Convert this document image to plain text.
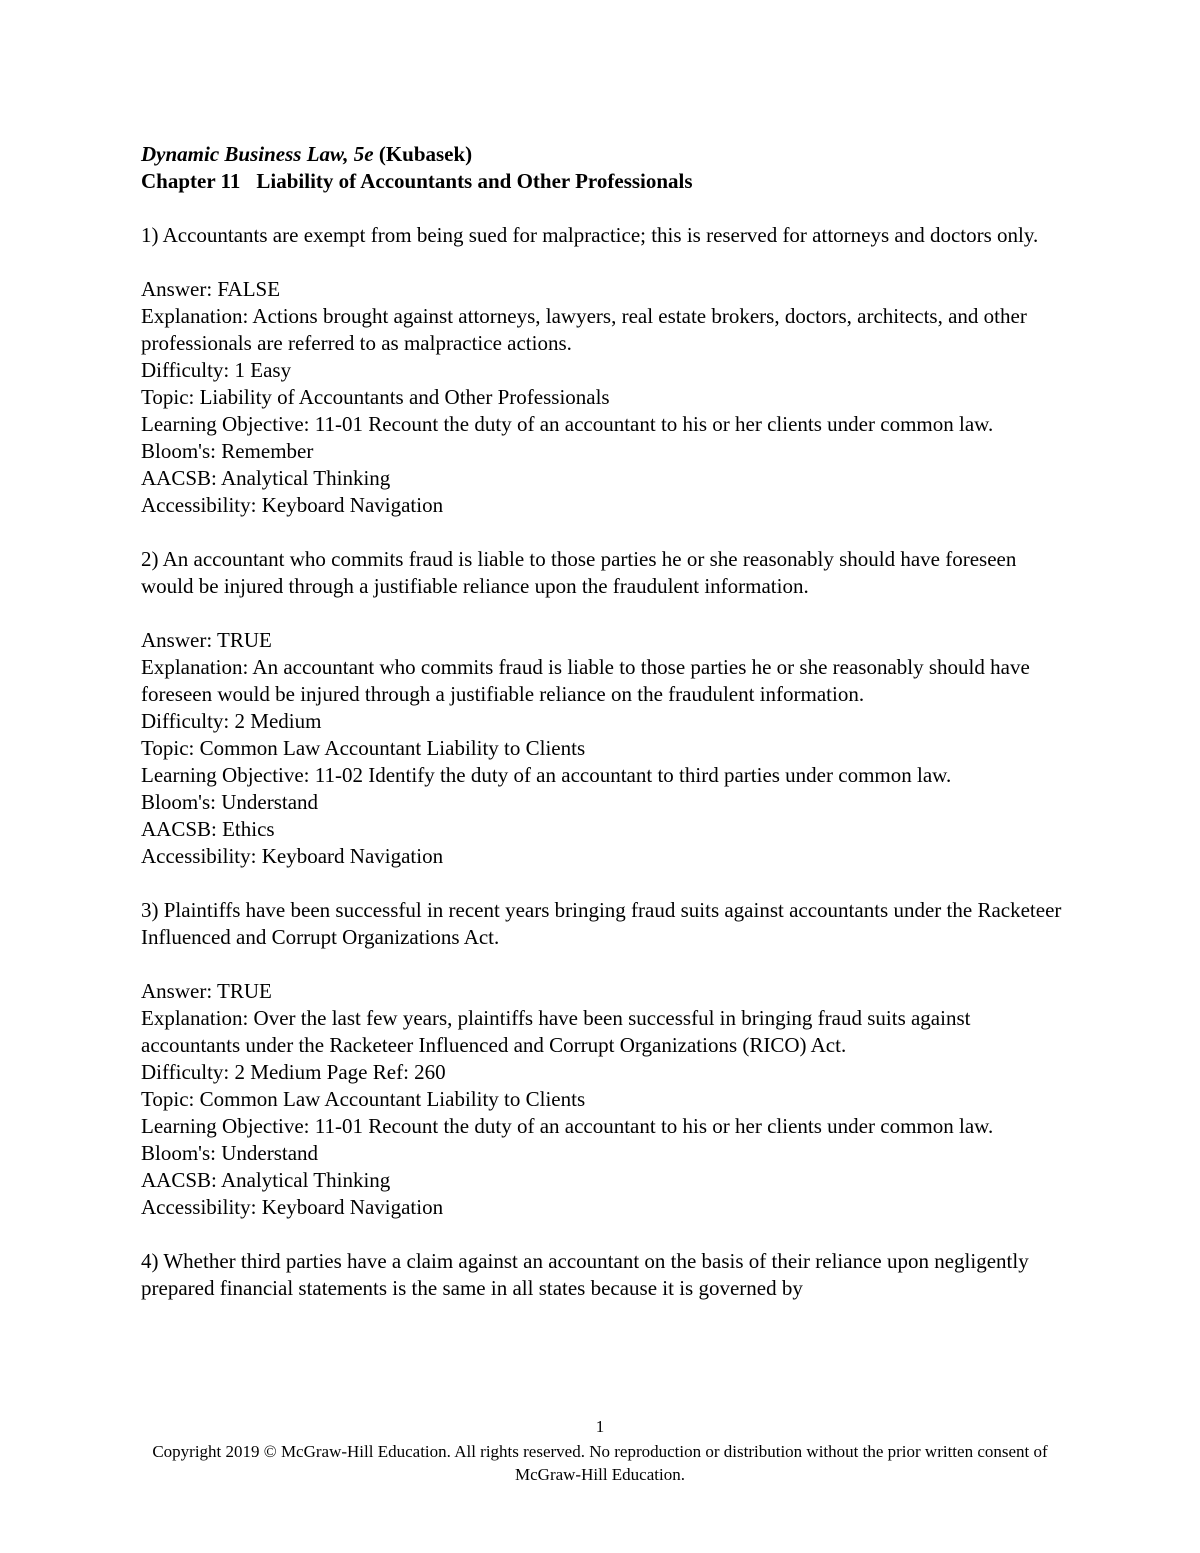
Dynamic Business Law, 5e (Kubasek)

Chapter 11 Liability of Accountants and Other Professionals

1) Accountants are exempt from being sued for malpractice; this is reserved for attorneys and doctors only.

Answer: FALSE

Explanation: Actions brought against attorneys, lawyers, real estate brokers, doctors, architects, and other professionals are referred to as malpractice actions.

Difficulty: 1 Easy

Topic: Liability of Accountants and Other Professionals

Learning Objective: 11-01 Recount the duty of an accountant to his or her clients under common law.

Bloom's: Remember

AACSB: Analytical Thinking

Accessibility: Keyboard Navigation

2) An accountant who commits fraud is liable to those parties he or she reasonably should have foreseen would be injured through a justifiable reliance upon the fraudulent information.

Answer: TRUE

Explanation: An accountant who commits fraud is liable to those parties he or she reasonably should have foreseen would be injured through a justifiable reliance on the fraudulent information.

Difficulty: 2 Medium

Topic: Common Law Accountant Liability to Clients

Learning Objective: 11-02 Identify the duty of an accountant to third parties under common law.

Bloom's: Understand

AACSB: Ethics

Accessibility: Keyboard Navigation

3) Plaintiffs have been successful in recent years bringing fraud suits against accountants under the Racketeer Influenced and Corrupt Organizations Act.

Answer: TRUE

Explanation: Over the last few years, plaintiffs have been successful in bringing fraud suits against accountants under the Racketeer Influenced and Corrupt Organizations (RICO) Act.

Difficulty: 2 Medium Page Ref: 260

Topic: Common Law Accountant Liability to Clients

Learning Objective: 11-01 Recount the duty of an accountant to his or her clients under common law.

Bloom's: Understand

AACSB: Analytical Thinking

Accessibility: Keyboard Navigation

4) Whether third parties have a claim against an accountant on the basis of their reliance upon negligently prepared financial statements is the same in all states because it is governed by

1
Copyright 2019 © McGraw-Hill Education. All rights reserved. No reproduction or distribution without the prior written consent of McGraw-Hill Education.
